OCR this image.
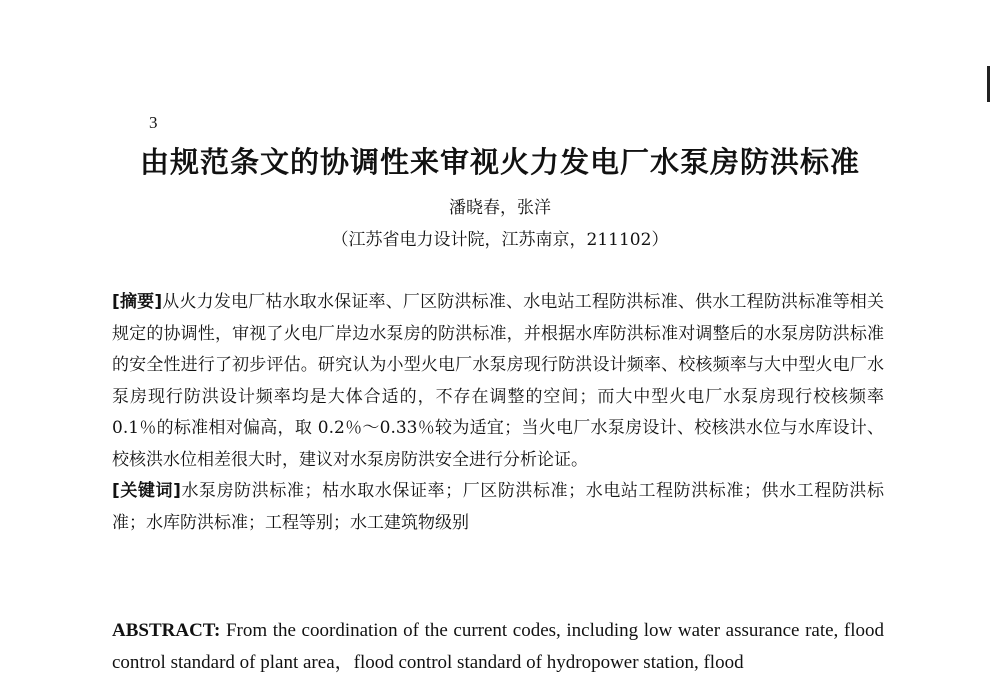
3
由规范条文的协调性来审视火力发电厂水泵房防洪标准
潘晓春，张洋
（江苏省电力设计院，江苏南京，211102）

[摘要]从火力发电厂枯水取水保证率、厂区防洪标准、水电站工程防洪标准、供水工程防洪标准等相关规定的协调性，审视了火电厂岸边水泵房的防洪标准，并根据水库防洪标准对调整后的水泵房防洪标准的安全性进行了初步评估。研究认为小型火电厂水泵房现行防洪设计频率、校核频率与大中型火电厂水泵房现行防洪设计频率均是大体合适的，不存在调整的空间；而大中型火电厂水泵房现行校核频率 0.1％的标准相对偏高，取 0.2％～0.33％较为适宜；当火电厂水泵房设计、校核洪水位与水库设计、校核洪水位相差很大时，建议对水泵房防洪安全进行分析论证。

[关键词]水泵房防洪标准；枯水取水保证率；厂区防洪标准；水电站工程防洪标准；供水工程防洪标准；水库防洪标准；工程等别；水工建筑物级别

ABSTRACT: From the coordination of the current codes, including low water assurance rate, flood control standard of plant area，flood control standard of hydropower station, flood
